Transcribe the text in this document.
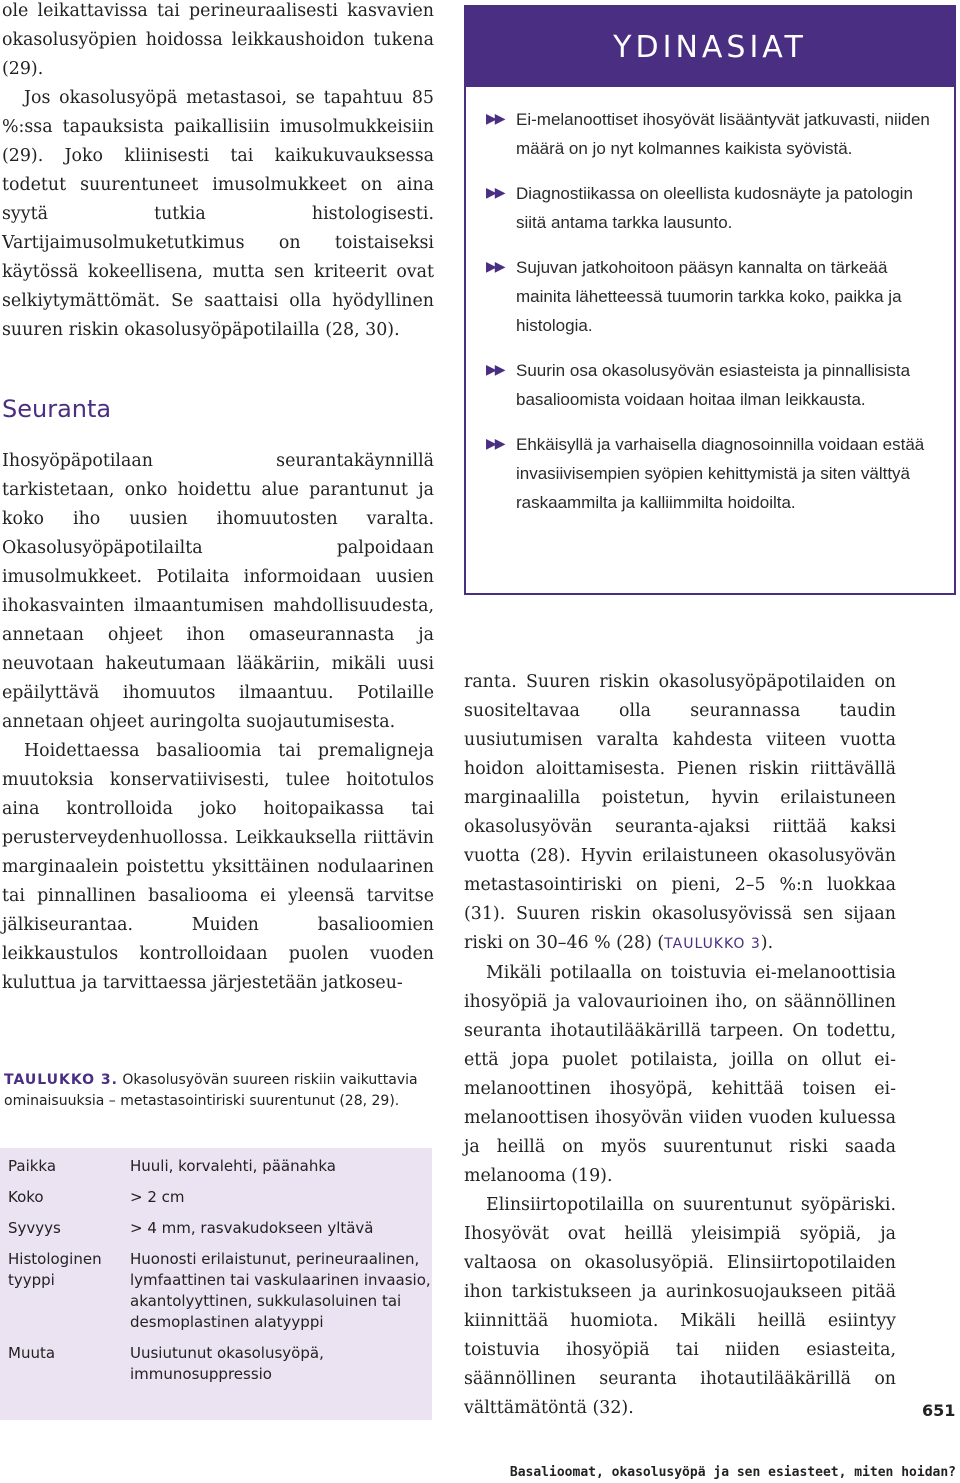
ole leikattavissa tai perineuraalisesti kasvavien okasolusyöpien hoidossa leikkaushoidon tukena (29).

Jos okasolusyöpä metastasoi, se tapahtuu 85 %:ssa tapauksista paikallisiin imusolmukkeisiin (29). Joko kliinisesti tai kaikukuvauksessa todetut suurentuneet imusolmukkeet on aina syytä tutkia histologisesti. Vartijaimusolmuketutkimus on toistaiseksi käytössä kokeellisena, mutta sen kriteerit ovat selkiytymättömät. Se saattaisi olla hyödyllinen suuren riskin okasolusyöpäpotilailla (28, 30).

Seuranta

Ihosyöpäpotilaan seurantakäynnillä tarkistetaan, onko hoidettu alue parantunut ja koko iho uusien ihomuutosten varalta. Okasolusyöpäpotilailta palpoidaan imusolmukkeet. Potilaita informoidaan uusien ihokasvainten ilmaantumisen mahdollisuudesta, annetaan ohjeet ihon omaseurannasta ja neuvotaan hakeutumaan lääkäriin, mikäli uusi epäilyttävä ihomuutos ilmaantuu. Potilaille annetaan ohjeet auringolta suojautumisesta.

Hoidettaessa basalioomia tai premaligneja muutoksia konservatiivisesti, tulee hoitotulos aina kontrolloida joko hoitopaikassa tai perusterveydenhuollossa. Leikkauksella riittävin marginaalein poistettu yksittäinen nodulaarinen tai pinnallinen basaliooma ei yleensä tarvitse jälkiseurantaa. Muiden basalioomien leikkaustulos kontrolloidaan puolen vuoden kuluttua ja tarvittaessa järjestetään jatkoseu-

YDINASIAT
▶▶ Ei-melanoottiset ihosyövät lisääntyvät jatkuvasti, niiden määrä on jo nyt kolmannes kaikista syövistä.
▶▶ Diagnostiikassa on oleellista kudosnäyte ja patologin siitä antama tarkka lausunto.
▶▶ Sujuvan jatkohoitoon pääsyn kannalta on tärkeää mainita lähetteessä tuumorin tarkka koko, paikka ja histologia.
▶▶ Suurin osa okasolusyövän esiasteista ja pinnallisista basalioomista voidaan hoitaa ilman leikkausta.
▶▶ Ehkäisyllä ja varhaisella diagnosoinnilla voidaan estää invasiivisempien syöpien kehittymistä ja siten välttyä raskaammilta ja kalliimmilta hoidoilta.

ranta. Suuren riskin okasolusyöpäpotilaiden on suositeltavaa olla seurannassa taudin uusiutumisen varalta kahdesta viiteen vuotta hoidon aloittamisesta. Pienen riskin riittävällä marginaalilla poistetun, hyvin erilaistuneen okasolusyövän seuranta-ajaksi riittää kaksi vuotta (28). Hyvin erilaistuneen okasolusyövän metastasointiriski on pieni, 2–5 %:n luokkaa (31). Suuren riskin okasolusyövissä sen sijaan riski on 30–46 % (28) (TAULUKKO 3).

Mikäli potilaalla on toistuvia ei-melanoottisia ihosyöpiä ja valovaurioinen iho, on säännöllinen seuranta ihotautilääkärillä tarpeen. On todettu, että jopa puolet potilaista, joilla on ollut ei-melanoottinen ihosyöpä, kehittää toisen ei-melanoottisen ihosyövän viiden vuoden kuluessa ja heillä on myös suurentunut riski saada melanooma (19).

Elinsiirtopotilailla on suurentunut syöpäriski. Ihosyövät ovat heillä yleisimpiä syöpiä, ja valtaosa on okasolusyöpiä. Elinsiirtopotilaiden ihon tarkistukseen ja aurinkosuojaukseen pitää kiinnittää huomiota. Mikäli heillä esiintyy toistuvia ihosyöpiä tai niiden esiasteita, säännöllinen seuranta ihotautilääkärillä on välttämätöntä (32).

TAULUKKO 3. Okasolusyövän suureen riskiin vaikuttavia ominaisuuksia – metastasointiriski suurentunut (28, 29).
Paikka	Huuli, korvalehti, päänahka
Koko	> 2 cm
Syvyys	> 4 mm, rasvakudokseen yltävä
Histologinen tyyppi	Huonosti erilaistunut, perineuraalinen, lymfaattinen tai vaskulaarinen invaasio, akantolyyttinen, sukkulasoluinen tai desmoplastinen alatyyppi
Muuta	Uusiutunut okasolusyöpä, immunosuppressio
651
Basalioomat, okasolusyöpä ja sen esiasteet, miten hoidan?
